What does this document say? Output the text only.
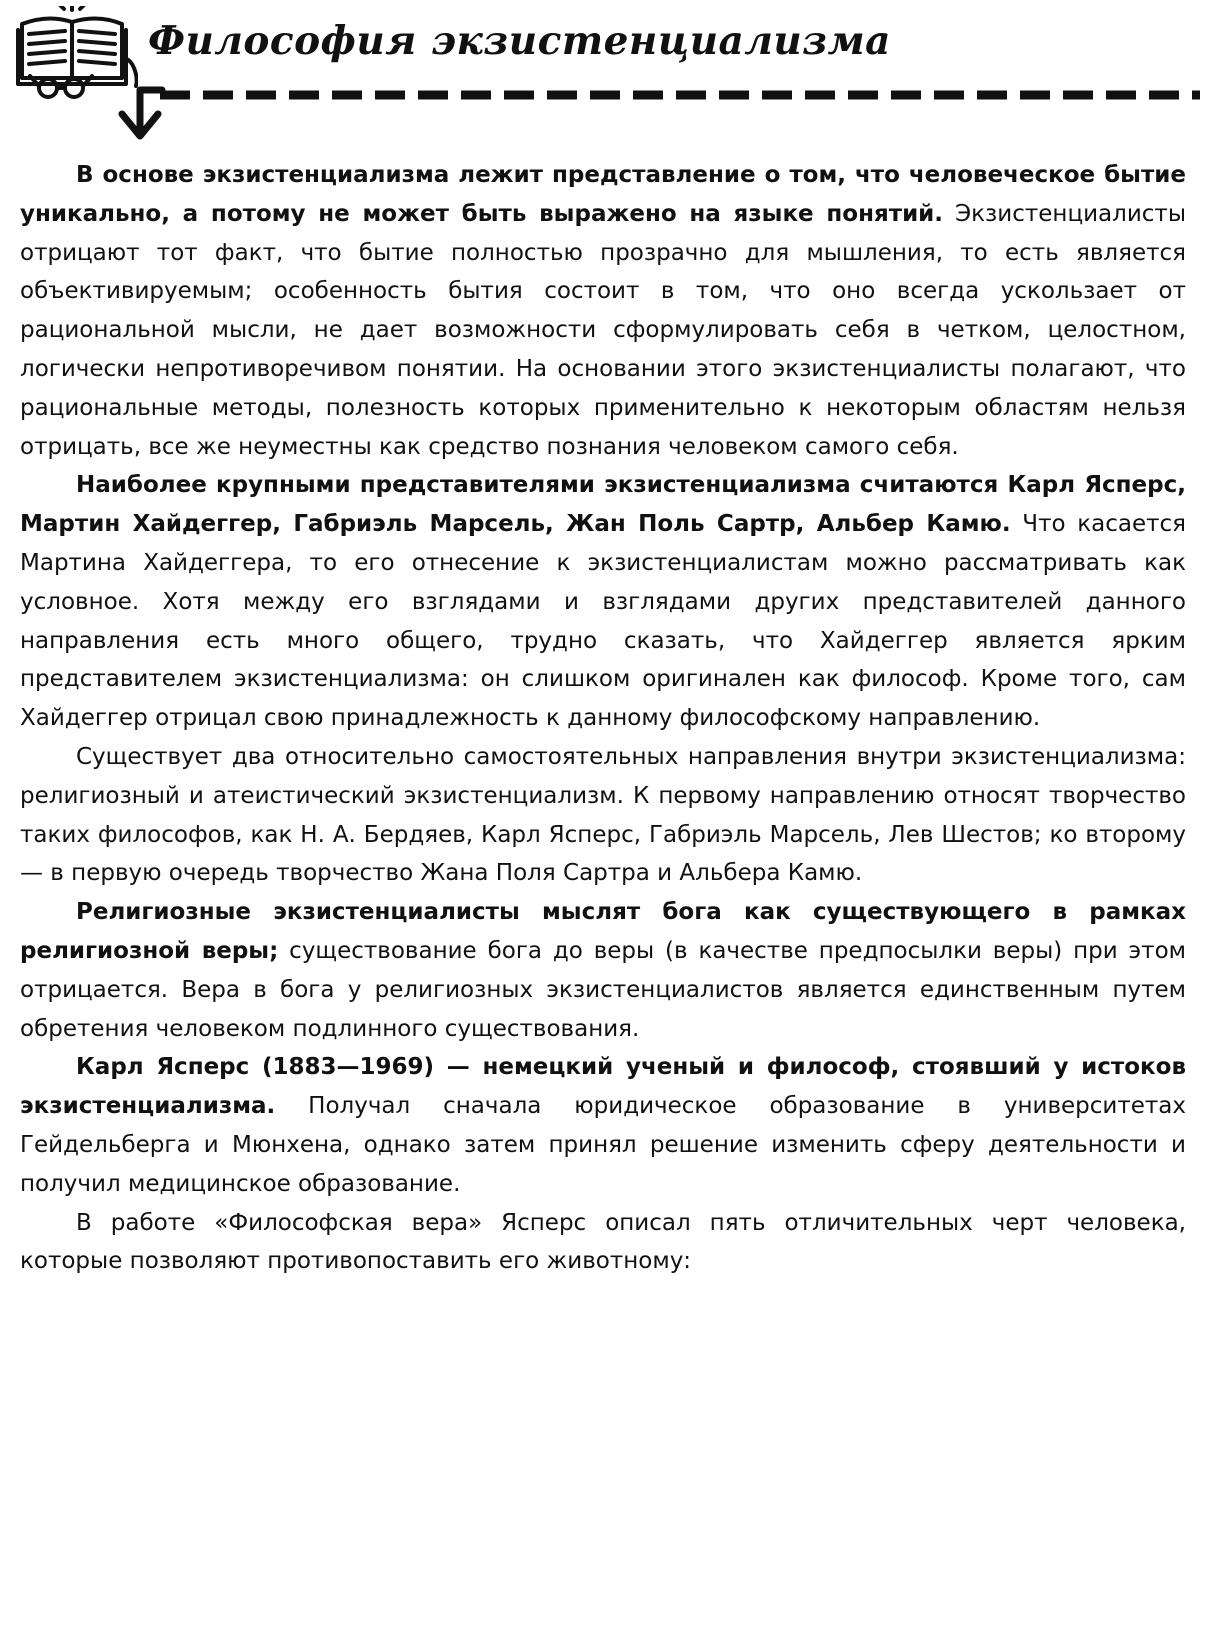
Философия экзистенциализма

В основе экзистенциализма лежит представление о том, что человеческое бытие уникально, а потому не может быть выражено на языке понятий. Экзистенциалисты отрицают тот факт, что бытие полностью прозрачно для мышления, то есть является объективируемым; особенность бытия состоит в том, что оно всегда ускользает от рациональной мысли, не дает возможности сформулировать себя в четком, целостном, логически непротиворечивом понятии. На основании этого экзистенциалисты полагают, что рациональные методы, полезность которых применительно к некоторым областям нельзя отрицать, все же неуместны как средство познания человеком самого себя.

Наиболее крупными представителями экзистенциализма считаются Карл Ясперс, Мартин Хайдеггер, Габриэль Марсель, Жан Поль Сартр, Альбер Камю. Что касается Мартина Хайдеггера, то его отнесение к экзистенциалистам можно рассматривать как условное. Хотя между его взглядами и взглядами других представителей данного направления есть много общего, трудно сказать, что Хайдеггер является ярким представителем экзистенциализма: он слишком оригинален как философ. Кроме того, сам Хайдеггер отрицал свою принадлежность к данному философскому направлению.

Существует два относительно самостоятельных направления внутри экзистенциализма: религиозный и атеистический экзистенциализм. К первому направлению относят творчество таких философов, как Н. А. Бердяев, Карл Ясперс, Габриэль Марсель, Лев Шестов; ко второму — в первую очередь творчество Жана Поля Сартра и Альбера Камю.

Религиозные экзистенциалисты мыслят бога как существующего в рамках религиозной веры; существование бога до веры (в качестве предпосылки веры) при этом отрицается. Вера в бога у религиозных экзистенциалистов является единственным путем обретения человеком подлинного существования.

Карл Ясперс (1883—1969) — немецкий ученый и философ, стоявший у истоков экзистенциализма. Получал сначала юридическое образование в университетах Гейдельберга и Мюнхена, однако затем принял решение изменить сферу деятельности и получил медицинское образование.

В работе «Философская вера» Ясперс описал пять отличительных черт человека, которые позволяют противопоставить его животному:
